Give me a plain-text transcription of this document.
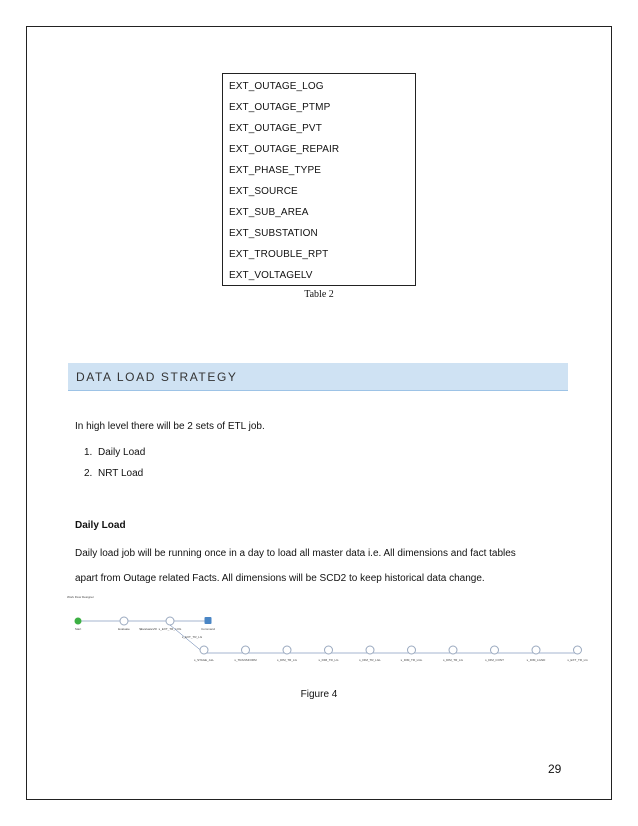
EXT_OUTAGE_LOG
EXT_OUTAGE_PTMP
EXT_OUTAGE_PVT
EXT_OUTAGE_REPAIR
EXT_PHASE_TYPE
EXT_SOURCE
EXT_SUB_AREA
EXT_SUBSTATION
EXT_TROUBLE_RPT
EXT_VOLTAGELV
Table 2
DATA LOAD STRATEGY
In high level there will be 2 sets of ETL job.
1. Daily Load
2. NRT Load
Daily Load
Daily load job will be running once in a day to load all master data i.e. All dimensions and fact tables
apart from Outage related Facts. All dimensions will be SCD2 to keep historical data change.
Work Flow Designer
Start	Evaluate	$EvaluateVR s_EXT_TR_LOG	Command
s_EXT_TR_LG
s_STAGE_ALL	s_TRANSFORM	s_DIM_TR_LG	s_DIM_TR_LG	s_DIM_TR_LGL	s_DIM_TR_LGL	s_DIM_TR_LG	s_DIM_CONT	s_DIM_LGND	s_EXT_TR_LG
Figure 4
29
